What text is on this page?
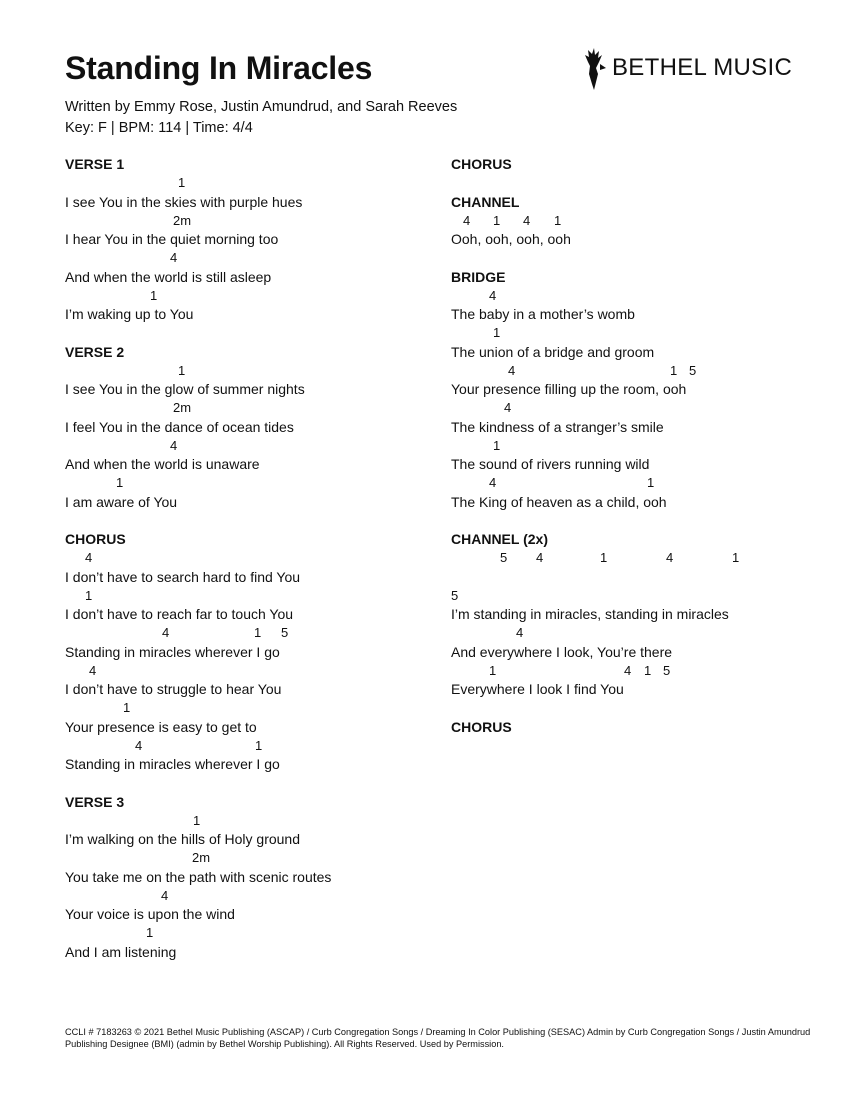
Standing In Miracles
Written by Emmy Rose, Justin Amundrud, and Sarah Reeves
Key: F | BPM: 114 | Time: 4/4
BETHEL MUSIC
VERSE 1
1
I see You in the skies with purple hues
2m
I hear You in the quiet morning too
4
And when the world is still asleep
1
I’m waking up to You
VERSE 2
1
I see You in the glow of summer nights
2m
I feel You in the dance of ocean tides
4
And when the world is unaware
1
I am aware of You
CHORUS
4
I don’t have to search hard to find You
1
I don’t have to reach far to touch You
4	1 5
Standing in miracles wherever I go
4
I don’t have to struggle to hear You
1
Your presence is easy to get to
4	1
Standing in miracles wherever I go
VERSE 3
1
I’m walking on the hills of Holy ground
2m
You take me on the path with scenic routes
4
Your voice is upon the wind
1
And I am listening
CHORUS
CHANNEL
4 1 4 1
Ooh, ooh, ooh, ooh
BRIDGE
4
The baby in a mother’s womb
1
The union of a bridge and groom
4	1 5
Your presence filling up the room, ooh
4
The kindness of a stranger’s smile
1
The sound of rivers running wild
4	1
The King of heaven as a child, ooh
CHANNEL (2x)
5 4	1	4	1
5
I’m standing in miracles, standing in miracles
4
And everywhere I look, You’re there
1	4 1 5
Everywhere I look I find You
CHORUS
CCLI # 7183263 © 2021 Bethel Music Publishing (ASCAP) / Curb Congregation Songs / Dreaming In Color Publishing (SESAC) Admin by Curb Congregation Songs / Justin Amundrud Publishing Designee (BMI) (admin by Bethel Worship Publishing). All Rights Reserved. Used by Permission.
